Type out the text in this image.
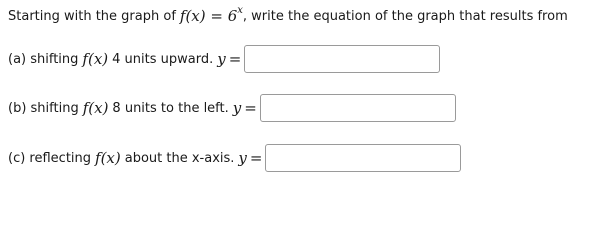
Starting with the graph of f(x) = 6 x , write the equation of the graph that results from
(a) shifting f(x) 4 units upward. y =
(b) shifting f(x) 8 units to the left. y =
(c) reflecting f(x) about the x-axis. y =
